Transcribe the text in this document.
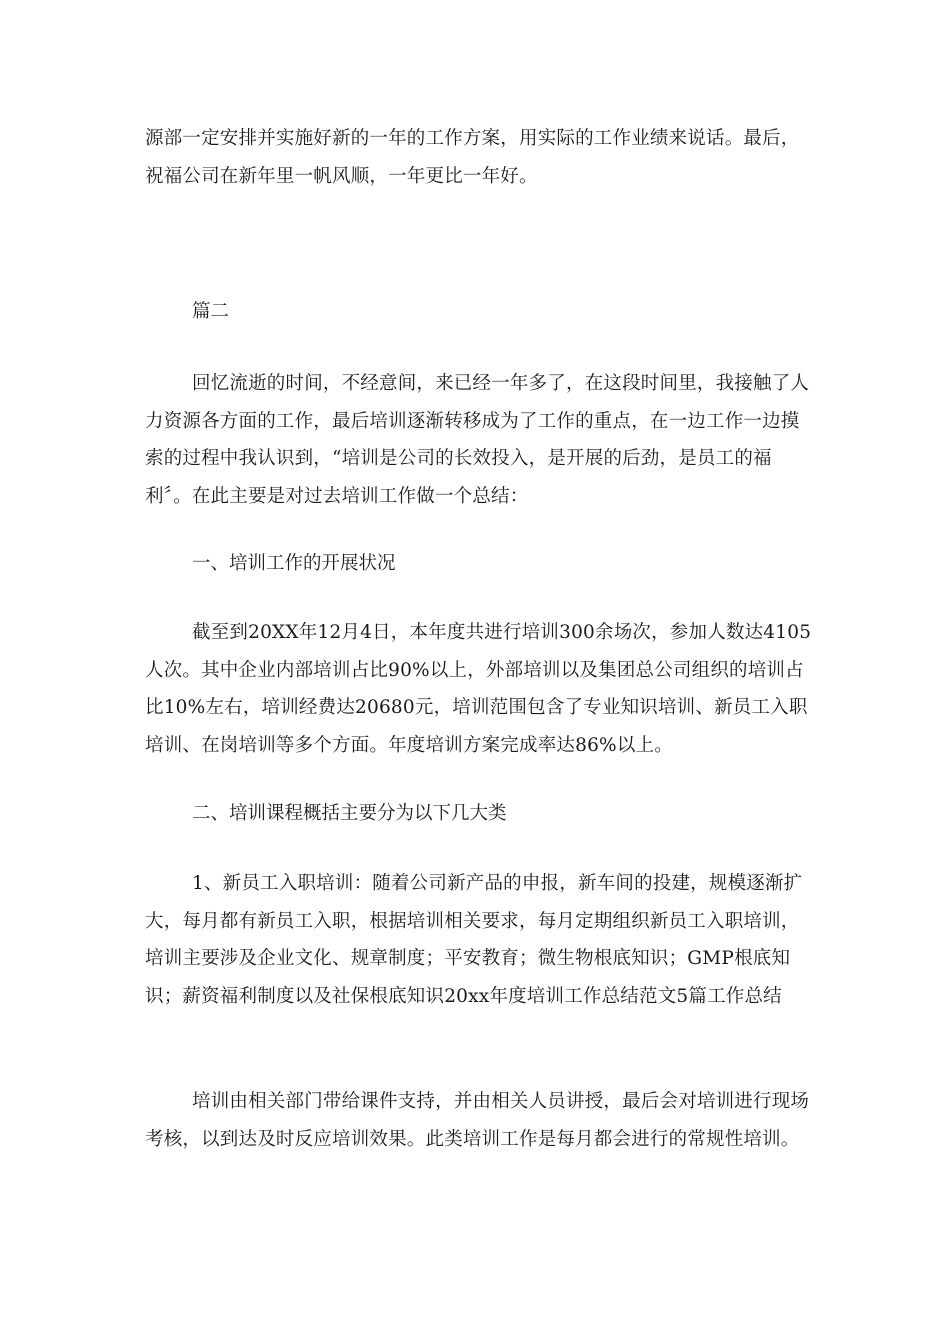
源部一定安排并实施好新的一年的工作方案，用实际的工作业绩来说话。最后，祝福公司在新年里一帆风顺，一年更比一年好。

篇二

回忆流逝的时间，不经意间，来已经一年多了，在这段时间里，我接触了人力资源各方面的工作，最后培训逐渐转移成为了工作的重点，在一边工作一边摸索的过程中我认识到，“培训是公司的长效投入，是开展的后劲，是员工的福利〞。在此主要是对过去培训工作做一个总结：

一、培训工作的开展状况

截至到20XX年12月4日，本年度共进行培训300余场次，参加人数达4105人次。其中企业内部培训占比90%以上，外部培训以及集团总公司组织的培训占比10%左右，培训经费达20680元，培训范围包含了专业知识培训、新员工入职培训、在岗培训等多个方面。年度培训方案完成率达86%以上。

二、培训课程概括主要分为以下几大类

1、新员工入职培训：随着公司新产品的申报，新车间的投建，规模逐渐扩大，每月都有新员工入职，根据培训相关要求，每月定期组织新员工入职培训，培训主要涉及企业文化、规章制度；平安教育；微生物根底知识；GMP根底知识；薪资福利制度以及社保根底知识20xx年度培训工作总结范文5篇工作总结

培训由相关部门带给课件支持，并由相关人员讲授，最后会对培训进行现场考核，以到达及时反应培训效果。此类培训工作是每月都会进行的常规性培训。
